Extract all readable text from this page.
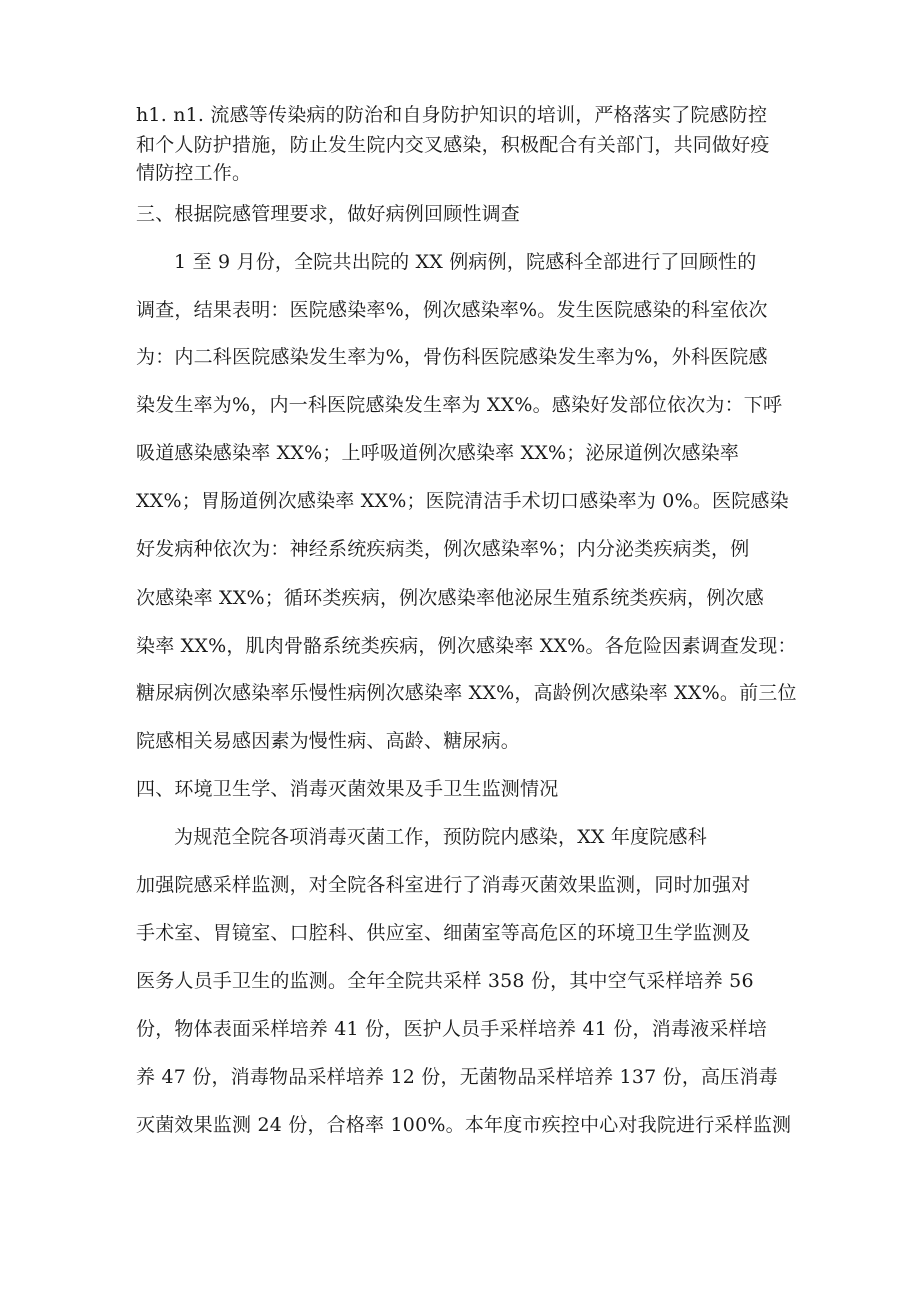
h1. n1. 流感等传染病的防治和自身防护知识的培训，严格落实了院感防控
和个人防护措施，防止发生院内交叉感染，积极配合有关部门，共同做好疫
情防控工作。
三、根据院感管理要求，做好病例回顾性调查
1 至 9 月份，全院共出院的 XX 例病例，院感科全部进行了回顾性的
调查，结果表明：医院感染率%，例次感染率%。发生医院感染的科室依次
为：内二科医院感染发生率为%，骨伤科医院感染发生率为%，外科医院感
染发生率为%，内一科医院感染发生率为 XX%。感染好发部位依次为：下呼
吸道感染感染率 XX%；上呼吸道例次感染率 XX%；泌尿道例次感染率
XX%；胃肠道例次感染率 XX%；医院清洁手术切口感染率为 0%。医院感染
好发病种依次为：神经系统疾病类，例次感染率%；内分泌类疾病类，例
次感染率 XX%；循环类疾病，例次感染率他泌尿生殖系统类疾病，例次感
染率 XX%，肌肉骨骼系统类疾病，例次感染率 XX%。各危险因素调查发现：
糖尿病例次感染率乐慢性病例次感染率 XX%，高龄例次感染率 XX%。前三位
院感相关易感因素为慢性病、高龄、糖尿病。
四、环境卫生学、消毒灭菌效果及手卫生监测情况
为规范全院各项消毒灭菌工作，预防院内感染，XX 年度院感科
加强院感采样监测，对全院各科室进行了消毒灭菌效果监测，同时加强对
手术室、胃镜室、口腔科、供应室、细菌室等高危区的环境卫生学监测及
医务人员手卫生的监测。全年全院共采样 358 份，其中空气采样培养 56
份，物体表面采样培养 41 份，医护人员手采样培养 41 份，消毒液采样培
养 47 份，消毒物品采样培养 12 份，无菌物品采样培养 137 份，高压消毒
灭菌效果监测 24 份，合格率 100%。本年度市疾控中心对我院进行采样监测
